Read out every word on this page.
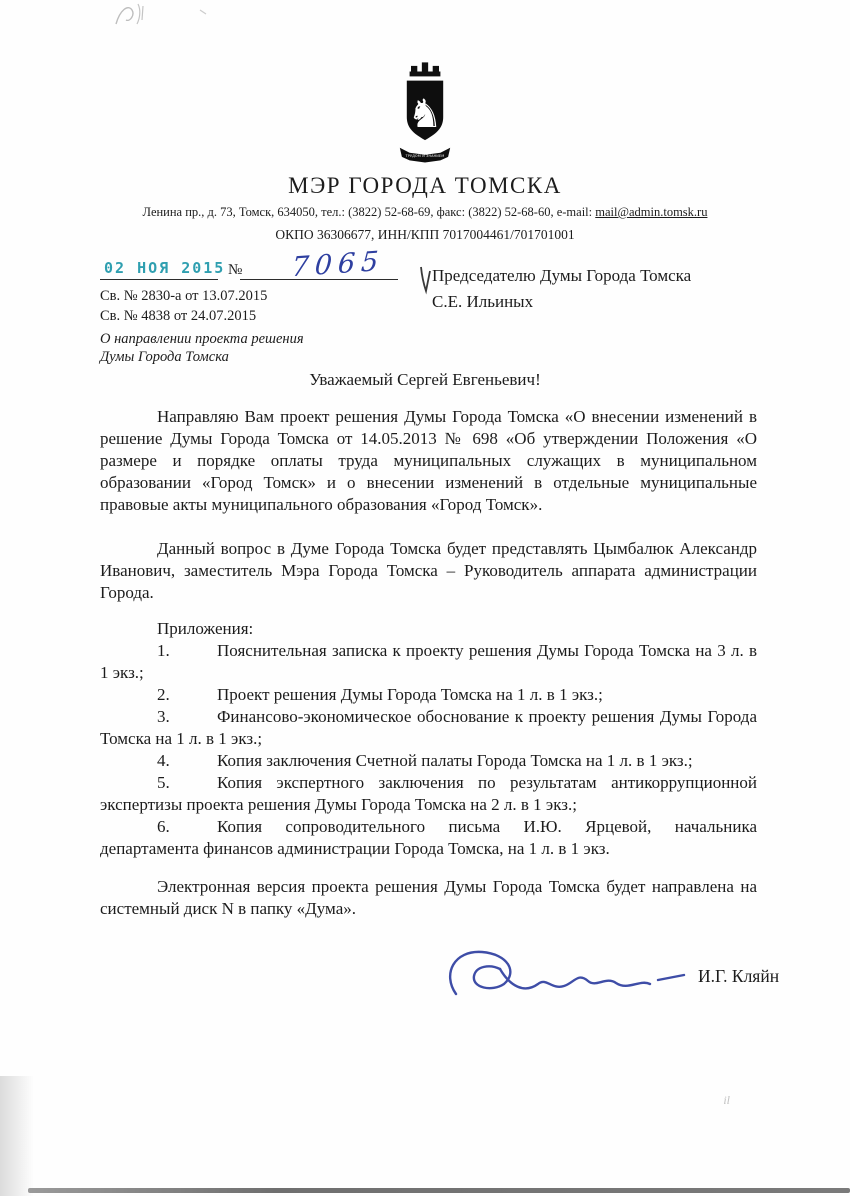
♞
ТРУДОМ И ЗНАНИЕМ
МЭР ГОРОДА ТОМСКА
Ленина пр., д. 73, Томск, 634050, тел.: (3822) 52-68-69, факс: (3822) 52-68-60, e-mail: mail@admin.tomsk.ru
ОКПО 36306677, ИНН/КПП 7017004461/701701001
02 НОЯ 2015 №	7065
Св. № 2830-а от 13.07.2015
Св. № 4838 от 24.07.2015
О направлении проекта решения
Думы Города Томска
Председателю Думы Города Томска
С.Е. Ильиных
Уважаемый Сергей Евгеньевич!

Направляю Вам проект решения Думы Города Томска «О внесении изменений в решение Думы Города Томска от 14.05.2013 № 698 «Об утверждении Положения «О размере и порядке оплаты труда муниципальных служащих в муниципальном образовании «Город Томск» и о внесении изменений в отдельные муниципальные правовые акты муниципального образования «Город Томск».

Данный вопрос в Думе Города Томска будет представлять Цымбалюк Александр Иванович, заместитель Мэра Города Томска – Руководитель аппарата администрации Города.

Приложения:

1.	Пояснительная записка к проекту решения Думы Города Томска на 3 л. в 1 экз.;

2.	Проект решения Думы Города Томска на 1 л. в 1 экз.;

3.	Финансово-экономическое обоснование к проекту решения Думы Города Томска на 1 л. в 1 экз.;

4.	Копия заключения Счетной палаты Города Томска на 1 л. в 1 экз.;

5.	Копия экспертного заключения по результатам антикоррупционной экспертизы проекта решения Думы Города Томска на 2 л. в 1 экз.;

6.	Копия сопроводительного письма И.Ю. Ярцевой, начальника департамента финансов администрации Города Томска, на 1 л. в 1 экз.

Электронная версия проекта решения Думы Города Томска будет направлена на системный диск N в папку «Дума».

И.Г. Кляйн
il
